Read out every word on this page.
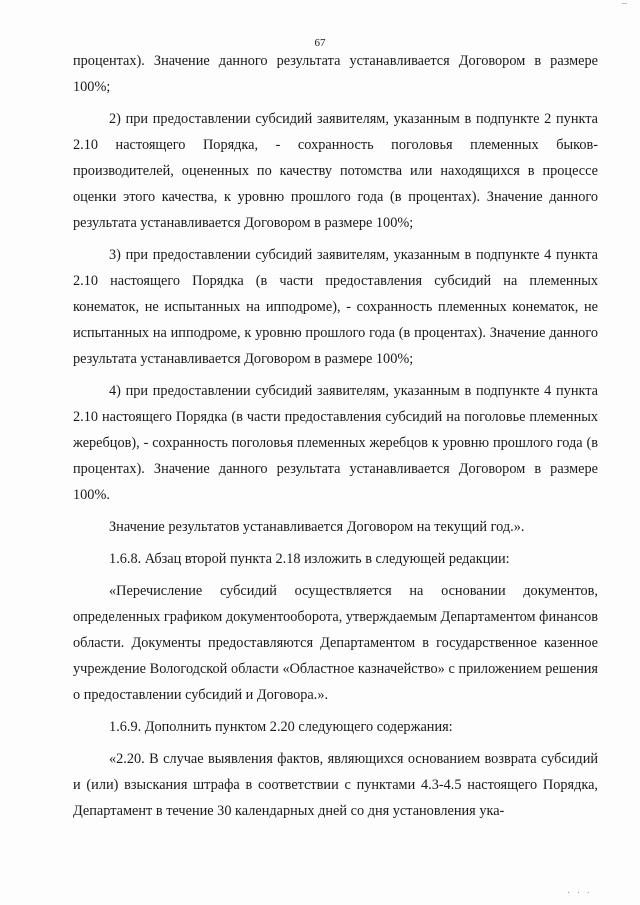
–
67

процентах). Значение данного результата устанавливается Договором в размере 100%;

2) при предоставлении субсидий заявителям, указанным в подпункте 2 пункта 2.10 настоящего Порядка, - сохранность поголовья племенных быков-производителей, оцененных по качеству потомства или находящихся в процессе оценки этого качества, к уровню прошлого года (в процентах). Значение данного результата устанавливается Договором в размере 100%;

3) при предоставлении субсидий заявителям, указанным в подпункте 4 пункта 2.10 настоящего Порядка (в части предоставления субсидий на племенных конематок, не испытанных на ипподроме), - сохранность племенных конематок, не испытанных на ипподроме, к уровню прошлого года (в процентах). Значение данного результата устанавливается Договором в размере 100%;

4) при предоставлении субсидий заявителям, указанным в подпункте 4 пункта 2.10 настоящего Порядка (в части предоставления субсидий на поголовье племенных жеребцов), - сохранность поголовья племенных жеребцов к уровню прошлого года (в процентах). Значение данного результата устанавливается Договором в размере 100%.

Значение результатов устанавливается Договором на текущий год.».

1.6.8. Абзац второй пункта 2.18 изложить в следующей редакции:

«Перечисление субсидий осуществляется на основании документов, определенных графиком документооборота, утверждаемым Департаментом финансов области. Документы предоставляются Департаментом в государственное казенное учреждение Вологодской области «Областное казначейство» с приложением решения о предоставлении субсидий и Договора.».

1.6.9. Дополнить пунктом 2.20 следующего содержания:

«2.20. В случае выявления фактов, являющихся основанием возврата субсидий и (или) взыскания штрафа в соответствии с пунктами 4.3-4.5 настоящего Порядка, Департамент в течение 30 календарных дней со дня установления ука-

· · ·
